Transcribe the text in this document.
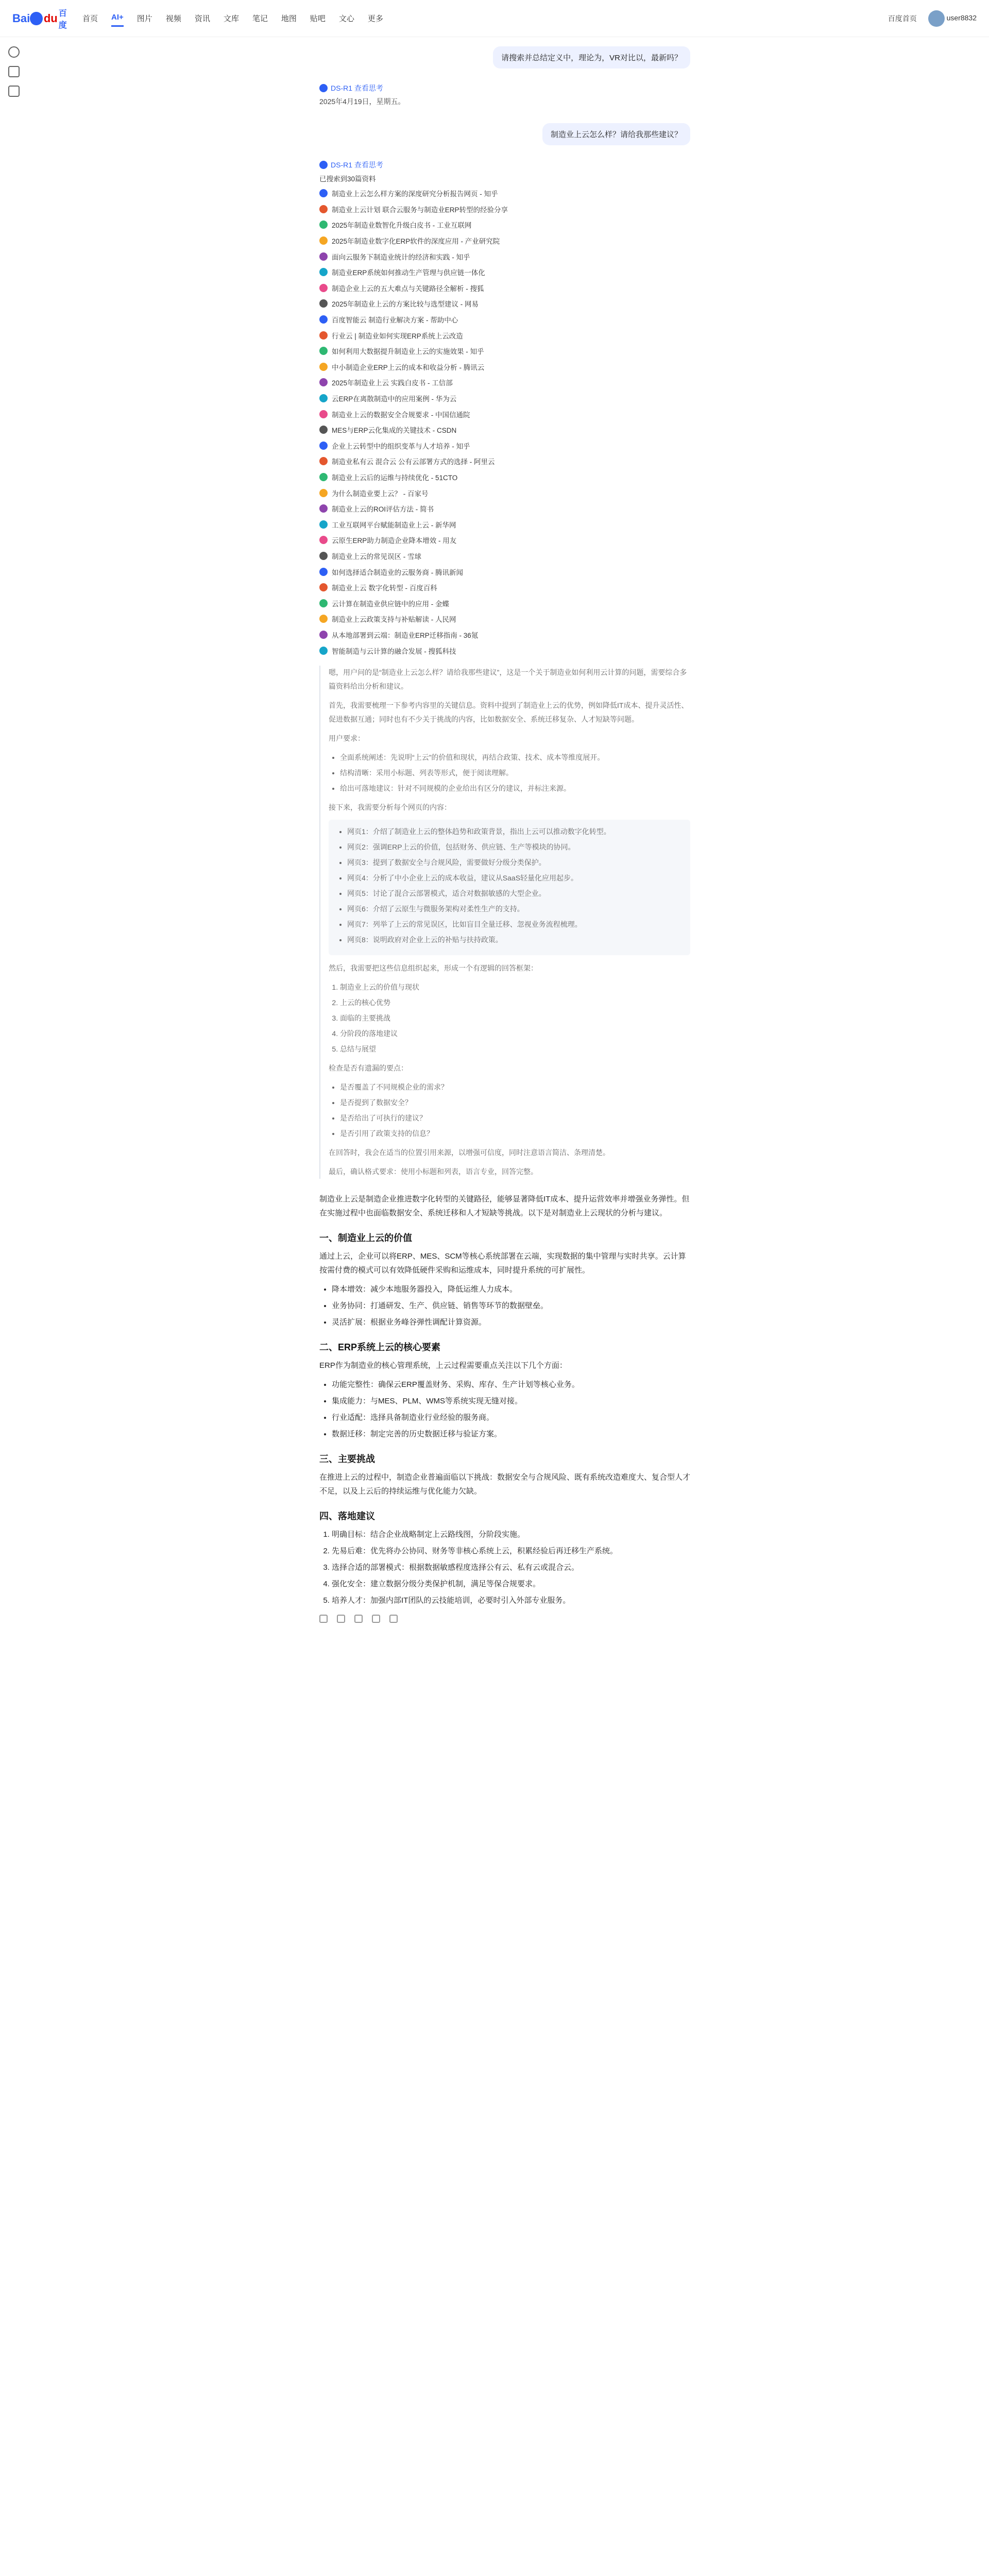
Bai du 百度
首页 AI+ 图片 视频 资讯 文库 笔记 地图 贴吧 文心 更多	百度首页	user8832
请搜索并总结定义中，理论为，VR对比以，最新吗？
DS-R1 查看思考
2025年4月19日，星期五。
制造业上云怎么样？请给我那些建议？
DS-R1 查看思考
已搜索到30篇资料
制造业上云怎么样方案的深度研究分析报告网页 - 知乎
制造业上云计划 联合云服务与制造业ERP转型的经验分享
2025年制造业数智化升级白皮书 - 工业互联网
2025年制造业数字化ERP软件的深度应用 - 产业研究院
面向云服务下制造业统计的经济和实践 - 知乎
制造业ERP系统如何推动生产管理与供应链一体化
制造企业上云的五大难点与关键路径全解析 - 搜狐
2025年制造业上云的方案比较与选型建议 - 网易
百度智能云 制造行业解决方案 - 帮助中心
行业云 | 制造业如何实现ERP系统上云改造
如何利用大数据提升制造业上云的实施效果 - 知乎
中小制造企业ERP上云的成本和收益分析 - 腾讯云
2025年制造业上云 实践白皮书 - 工信部
云ERP在离散制造中的应用案例 - 华为云
制造业上云的数据安全合规要求 - 中国信通院
MES与ERP云化集成的关键技术 - CSDN
企业上云转型中的组织变革与人才培养 - 知乎
制造业私有云 混合云 公有云部署方式的选择 - 阿里云
制造业上云后的运维与持续优化 - 51CTO
为什么制造业要上云？ - 百家号
制造业上云的ROI评估方法 - 简书
工业互联网平台赋能制造业上云 - 新华网
云原生ERP助力制造企业降本增效 - 用友
制造业上云的常见误区 - 雪球
如何选择适合制造业的云服务商 - 腾讯新闻
制造业上云 数字化转型 - 百度百科
云计算在制造业供应链中的应用 - 金蝶
制造业上云政策支持与补贴解读 - 人民网
从本地部署到云端：制造业ERP迁移指南 - 36氪
智能制造与云计算的融合发展 - 搜狐科技

嗯，用户问的是“制造业上云怎么样？请给我那些建议”，这是一个关于制造业如何利用云计算的问题，需要综合多篇资料给出分析和建议。

首先，我需要梳理一下参考内容里的关键信息。资料中提到了制造业上云的优势，例如降低IT成本、提升灵活性、促进数据互通；同时也有不少关于挑战的内容，比如数据安全、系统迁移复杂、人才短缺等问题。

用户要求：

• 全面系统阐述：先说明“上云”的价值和现状，再结合政策、技术、成本等维度展开。
• 结构清晰：采用小标题、列表等形式，便于阅读理解。
• 给出可落地建议：针对不同规模的企业给出有区分的建议，并标注来源。

接下来，我需要分析每个网页的内容：

• 网页1：介绍了制造业上云的整体趋势和政策背景，指出上云可以推动数字化转型。
• 网页2：强调ERP上云的价值，包括财务、供应链、生产等模块的协同。
• 网页3：提到了数据安全与合规风险，需要做好分级分类保护。
• 网页4：分析了中小企业上云的成本收益，建议从SaaS轻量化应用起步。
• 网页5：讨论了混合云部署模式，适合对数据敏感的大型企业。
• 网页6：介绍了云原生与微服务架构对柔性生产的支持。
• 网页7：列举了上云的常见误区，比如盲目全量迁移、忽视业务流程梳理。
• 网页8：说明政府对企业上云的补贴与扶持政策。

然后，我需要把这些信息组织起来，形成一个有逻辑的回答框架：

1. 制造业上云的价值与现状
2. 上云的核心优势
3. 面临的主要挑战
4. 分阶段的落地建议
5. 总结与展望

检查是否有遗漏的要点：

• 是否覆盖了不同规模企业的需求？
• 是否提到了数据安全？
• 是否给出了可执行的建议？
• 是否引用了政策支持的信息？

在回答时，我会在适当的位置引用来源，以增强可信度，同时注意语言简洁、条理清楚。

最后，确认格式要求：使用小标题和列表，语言专业，回答完整。

制造业上云是制造企业推进数字化转型的关键路径，能够显著降低IT成本、提升运营效率并增强业务弹性。但在实施过程中也面临数据安全、系统迁移和人才短缺等挑战。以下是对制造业上云现状的分析与建议。

一、制造业上云的价值

通过上云，企业可以将ERP、MES、SCM等核心系统部署在云端，实现数据的集中管理与实时共享。云计算按需付费的模式可以有效降低硬件采购和运维成本，同时提升系统的可扩展性。

• 降本增效：减少本地服务器投入，降低运维人力成本。
• 业务协同：打通研发、生产、供应链、销售等环节的数据壁垒。
• 灵活扩展：根据业务峰谷弹性调配计算资源。
二、ERP系统上云的核心要素

ERP作为制造业的核心管理系统，上云过程需要重点关注以下几个方面：

• 功能完整性：确保云ERP覆盖财务、采购、库存、生产计划等核心业务。
• 集成能力：与MES、PLM、WMS等系统实现无缝对接。
• 行业适配：选择具备制造业行业经验的服务商。
• 数据迁移：制定完善的历史数据迁移与验证方案。
三、主要挑战

在推进上云的过程中，制造企业普遍面临以下挑战：数据安全与合规风险、既有系统改造难度大、复合型人才不足，以及上云后的持续运维与优化能力欠缺。

四、落地建议
1. 明确目标：结合企业战略制定上云路线图，分阶段实施。
2. 先易后难：优先将办公协同、财务等非核心系统上云，积累经验后再迁移生产系统。
3. 选择合适的部署模式：根据数据敏感程度选择公有云、私有云或混合云。
4. 强化安全：建立数据分级分类保护机制，满足等保合规要求。
5. 培养人才：加强内部IT团队的云技能培训，必要时引入外部专业服务。
